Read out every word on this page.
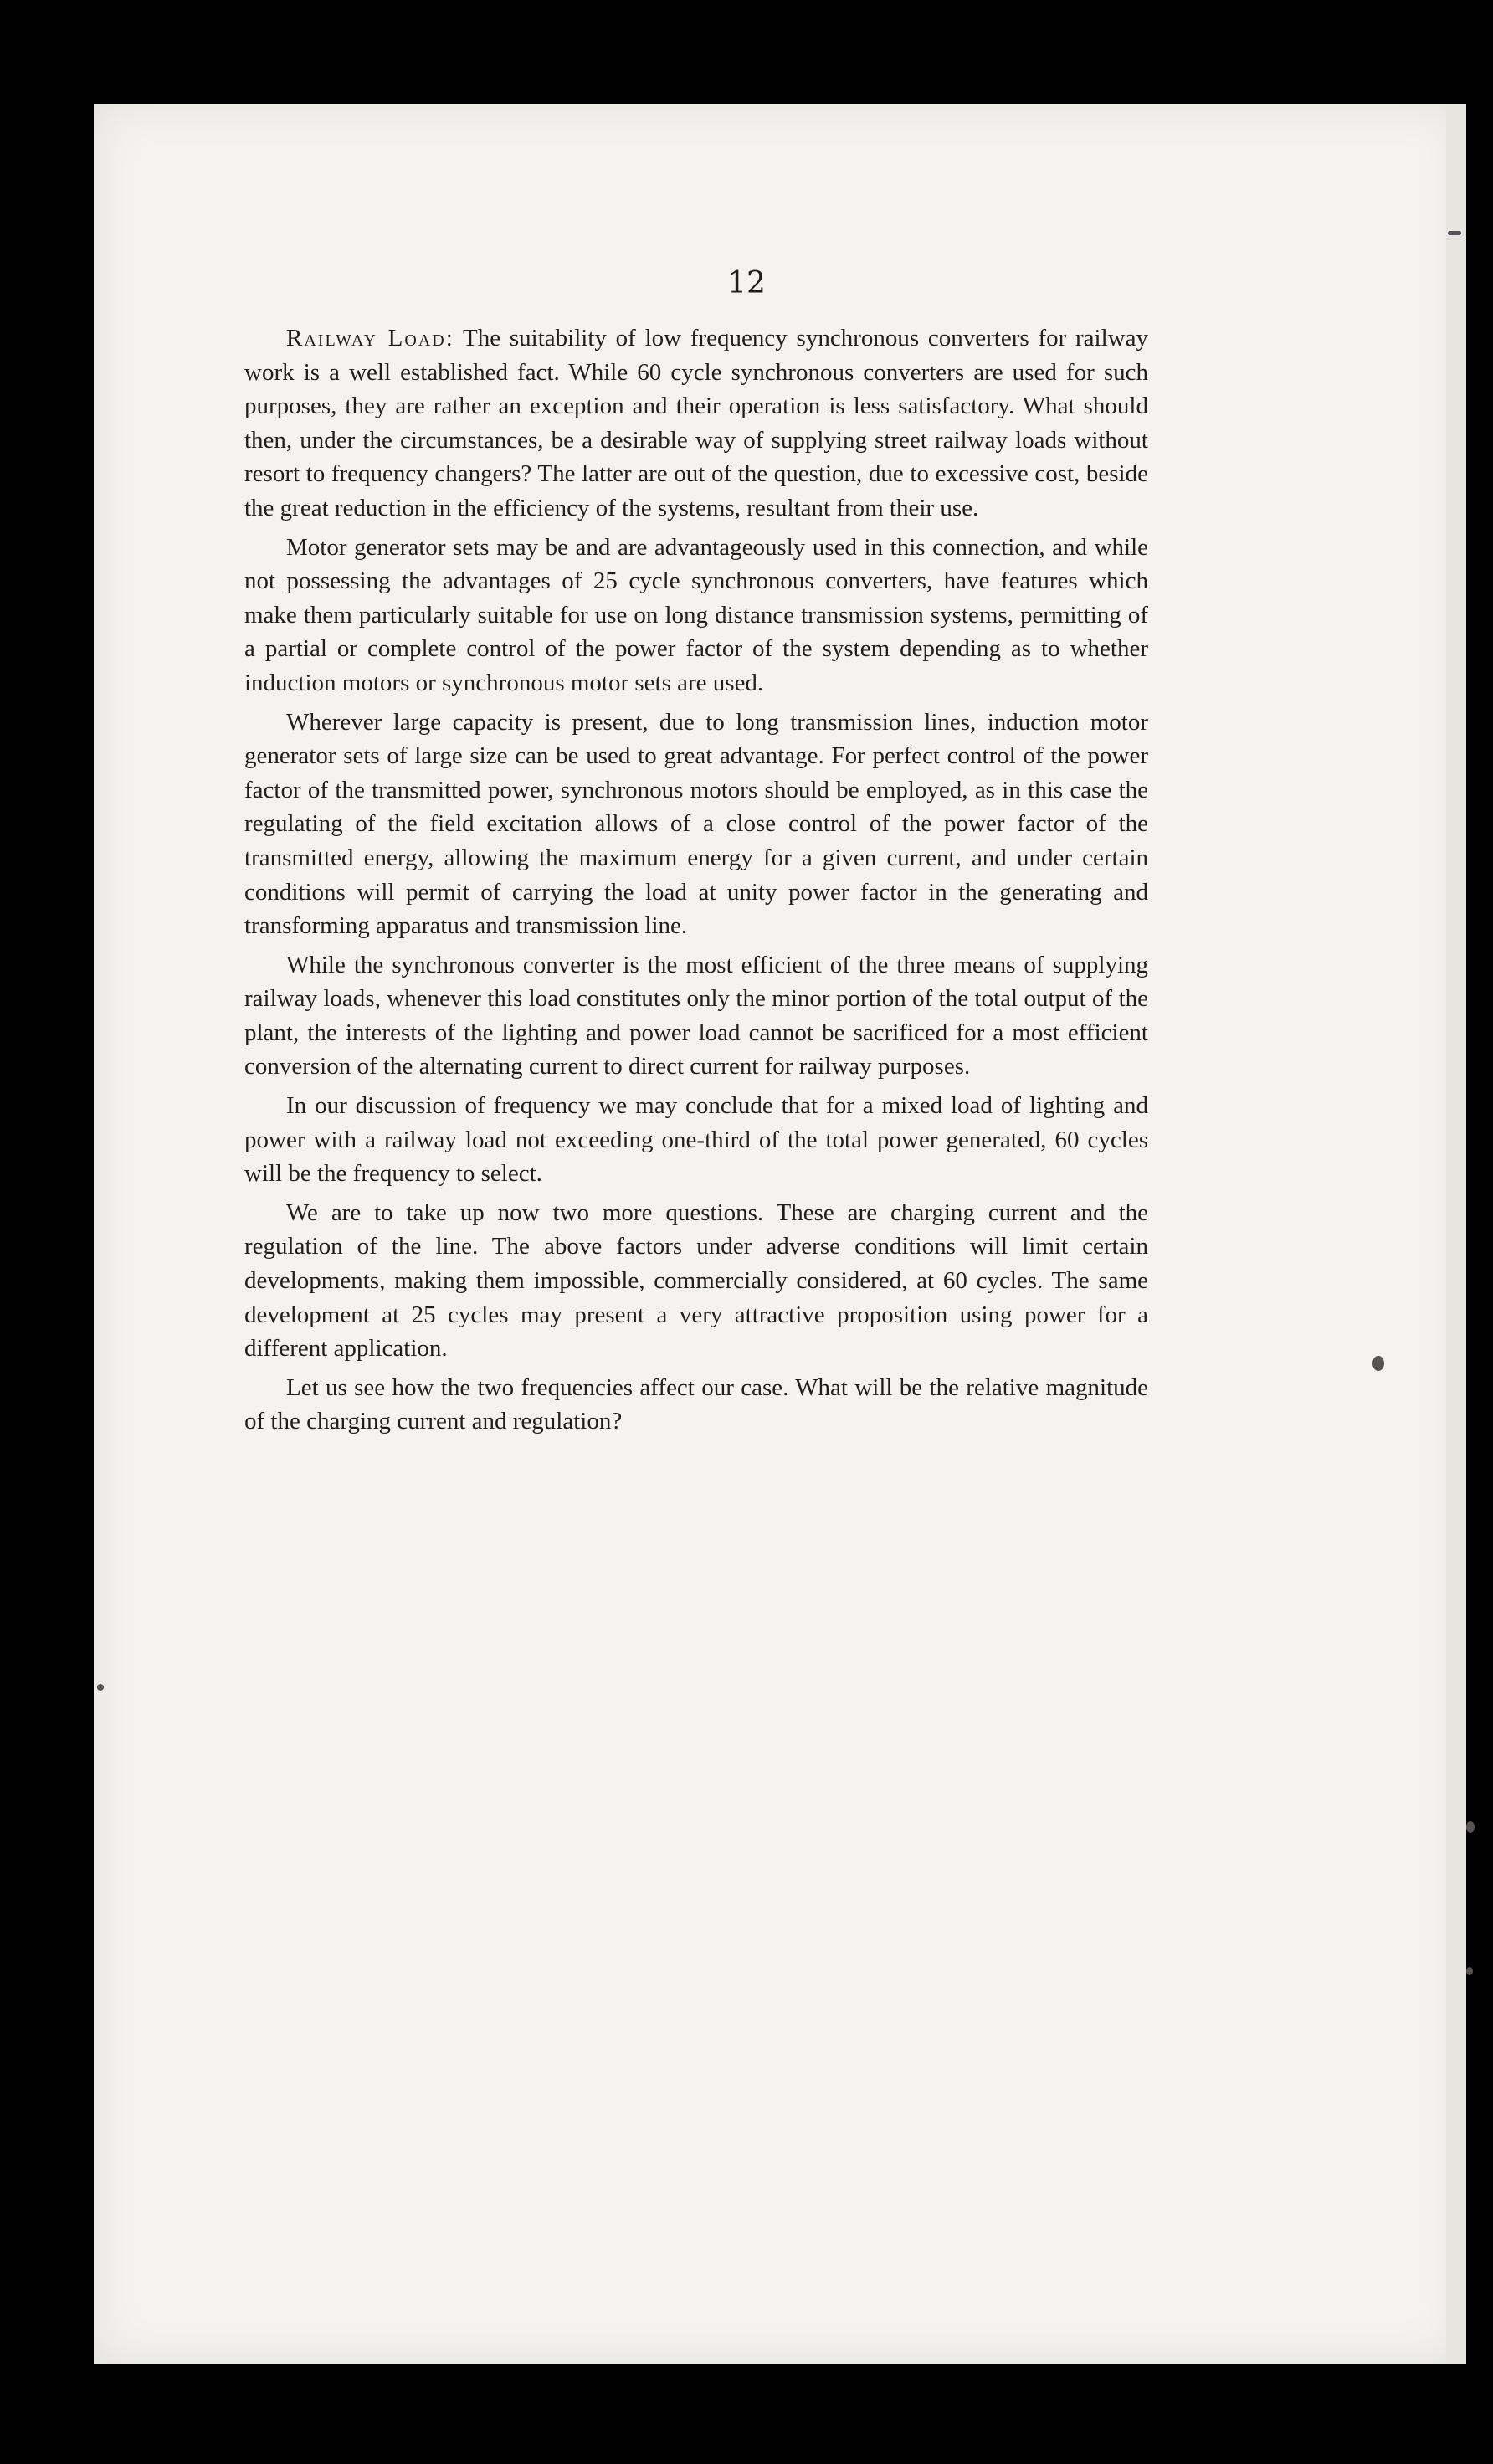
12

Railway Load: The suitability of low frequency synchronous converters for railway work is a well established fact. While 60 cycle synchronous converters are used for such purposes, they are rather an exception and their operation is less satisfactory. What should then, under the circumstances, be a desirable way of supplying street railway loads without resort to frequency changers? The latter are out of the question, due to excessive cost, beside the great reduction in the efficiency of the systems, resultant from their use.

Motor generator sets may be and are advantageously used in this connection, and while not possessing the advantages of 25 cycle synchronous converters, have features which make them particularly suitable for use on long distance transmission systems, permitting of a partial or complete control of the power factor of the system depending as to whether induction motors or synchronous motor sets are used.

Wherever large capacity is present, due to long transmission lines, induction motor generator sets of large size can be used to great advantage. For perfect control of the power factor of the transmitted power, synchronous motors should be employed, as in this case the regulating of the field excitation allows of a close control of the power factor of the transmitted energy, allowing the maximum energy for a given current, and under certain conditions will permit of carrying the load at unity power factor in the generating and transforming apparatus and transmission line.

While the synchronous converter is the most efficient of the three means of supplying railway loads, whenever this load constitutes only the minor portion of the total output of the plant, the interests of the lighting and power load cannot be sacrificed for a most efficient conversion of the alternating current to direct current for railway purposes.

In our discussion of frequency we may conclude that for a mixed load of lighting and power with a railway load not exceeding one-third of the total power generated, 60 cycles will be the frequency to select.

We are to take up now two more questions. These are charging current and the regulation of the line. The above factors under adverse conditions will limit certain developments, making them impossible, commercially considered, at 60 cycles. The same development at 25 cycles may present a very attractive proposition using power for a different application.

Let us see how the two frequencies affect our case. What will be the relative magnitude of the charging current and regulation?
